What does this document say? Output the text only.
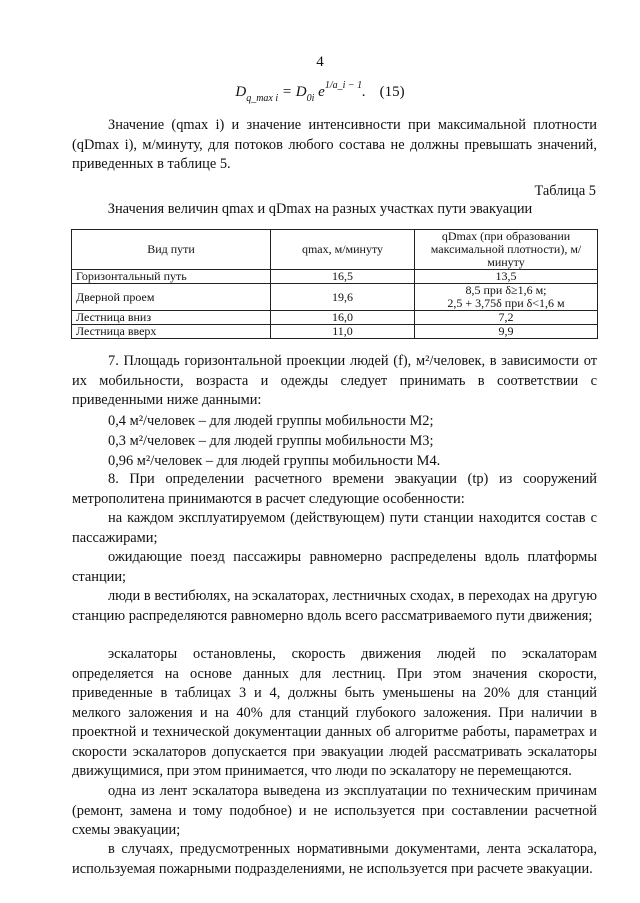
4
$D_{q\_max i} = D_{0i}$ $e^{1/a\_i - 1}$. (15)
Значение (qmax i) и значение интенсивности при максимальной плотности (qDmax i), м/минуту, для потоков любого состава не должны превышать значений, приведенных в таблице 5.
Таблица 5
Значения величин qmax и qDmax на разных участках пути эвакуации
Вид пути	qmax, м/минуту	qDmax (при образовании максимальной плотности), м/минуту
Горизонтальный путь	16,5	13,5
Дверной проем	19,6	8,5 при δ≥1,6 м;
2,5 + 3,75δ при δ<1,6 м

Лестница вниз	16,0	7,2
Лестница вверх	11,0	9,9
7. Площадь горизонтальной проекции людей (f), м²/человек, в зависимости от их мобильности, возраста и одежды следует принимать в соответствии с приведенными ниже данными:
0,4 м²/человек – для людей группы мобильности М2;
0,3 м²/человек – для людей группы мобильности М3;
0,96 м²/человек – для людей группы мобильности М4.
8. При определении расчетного времени эвакуации (tр) из сооружений метрополитена принимаются в расчет следующие особенности:
на каждом эксплуатируемом (действующем) пути станции находится состав с пассажирами;
ожидающие поезд пассажиры равномерно распределены вдоль платформы станции;
люди в вестибюлях, на эскалаторах, лестничных сходах, в переходах на другую станцию распределяются равномерно вдоль всего рассматриваемого пути движения;
эскалаторы остановлены, скорость движения людей по эскалаторам определяется на основе данных для лестниц. При этом значения скорости, приведенные в таблицах 3 и 4, должны быть уменьшены на 20% для станций мелкого заложения и на 40% для станций глубокого заложения. При наличии в проектной и технической документации данных об алгоритме работы, параметрах и скорости эскалаторов допускается при эвакуации людей рассматривать эскалаторы движущимися, при этом принимается, что люди по эскалатору не перемещаются.
одна из лент эскалатора выведена из эксплуатации по техническим причинам (ремонт, замена и тому подобное) и не используется при составлении расчетной схемы эвакуации;
в случаях, предусмотренных нормативными документами, лента эскалатора, используемая пожарными подразделениями, не используется при расчете эвакуации.
